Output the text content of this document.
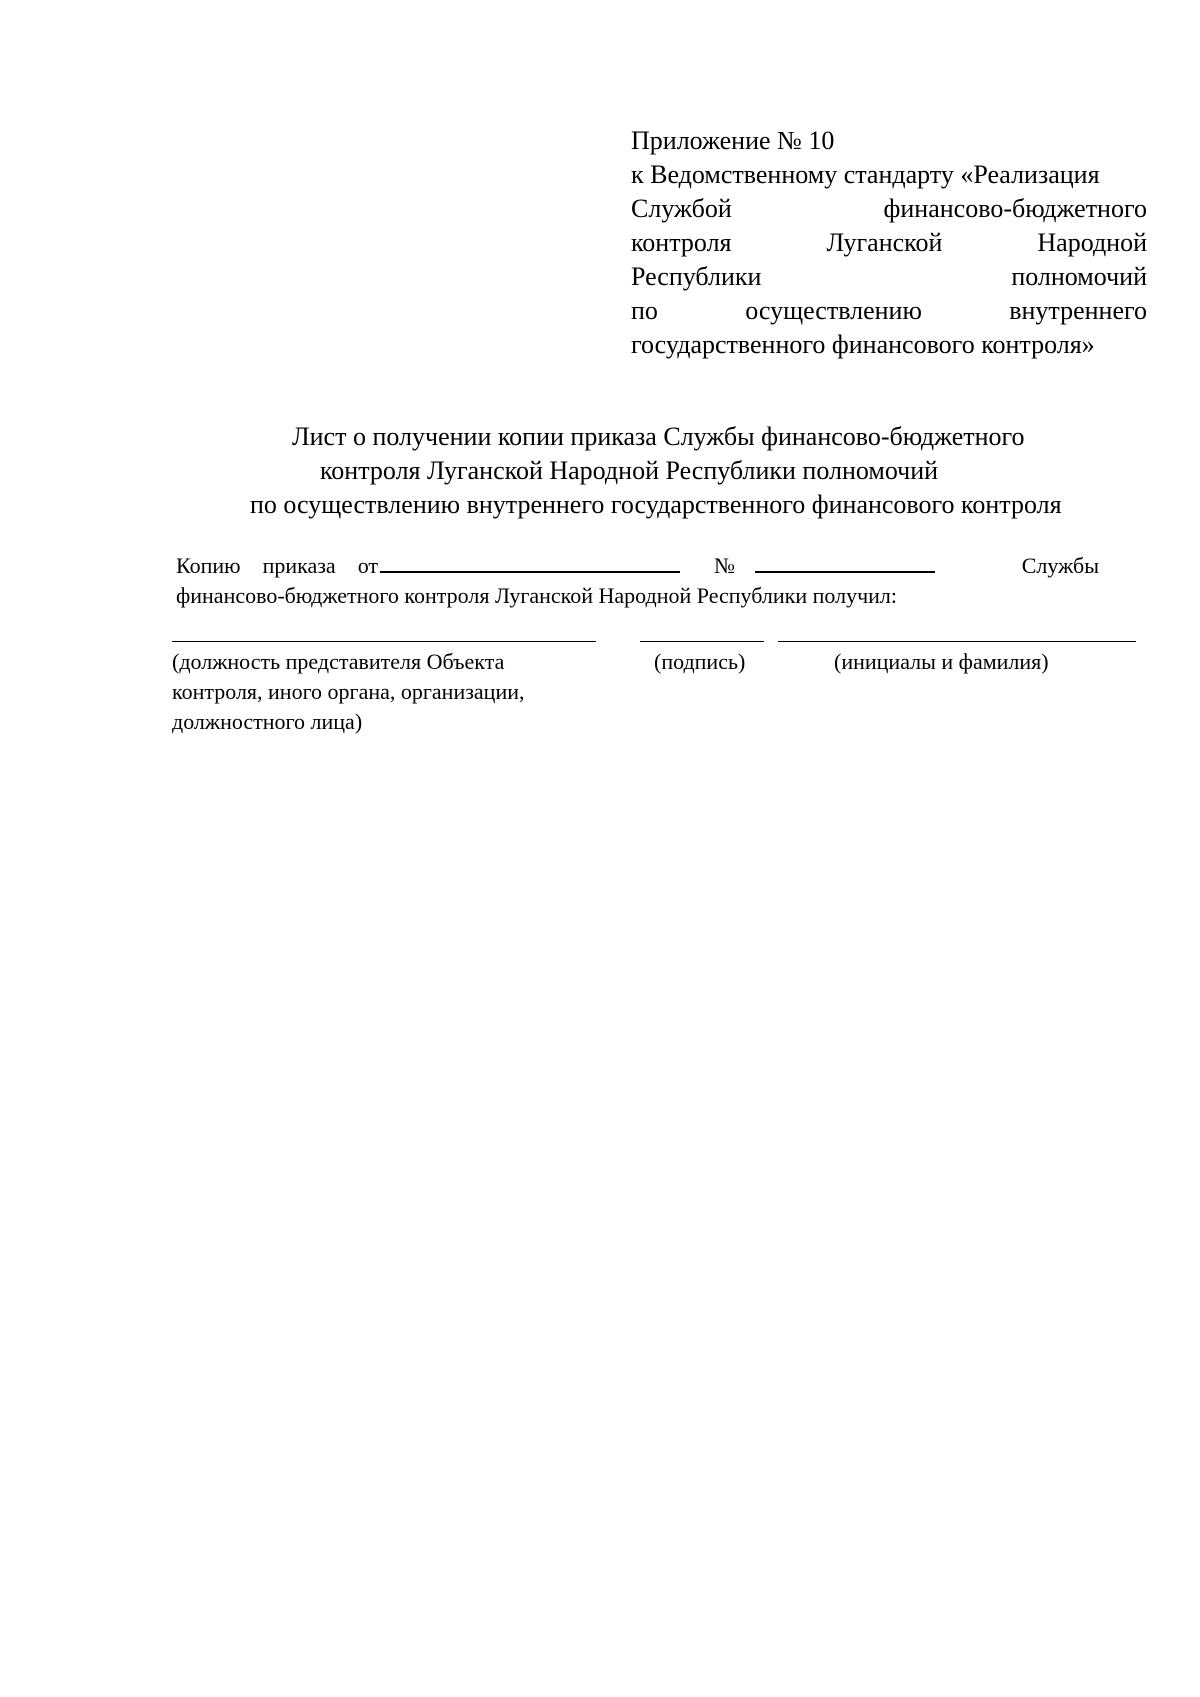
Приложение № 10
к Ведомственному стандарту «Реализация
Службой	финансово-бюджетного
контроля	Луганской	Народной
Республики	полномочий
по	осуществлению	внутреннего
государственного финансового контроля»
Лист о получении копии приказа Службы финансово-бюджетного
контроля Луганской Народной Республики полномочий
по осуществлению внутреннего государственного финансового контроля
Копию приказа от	№	Службы
финансово-бюджетного контроля Луганской Народной Республики получил:
(должность представителя Объекта
контроля, иного органа, организации,
должностного лица)
(подпись)	(инициалы и фамилия)
